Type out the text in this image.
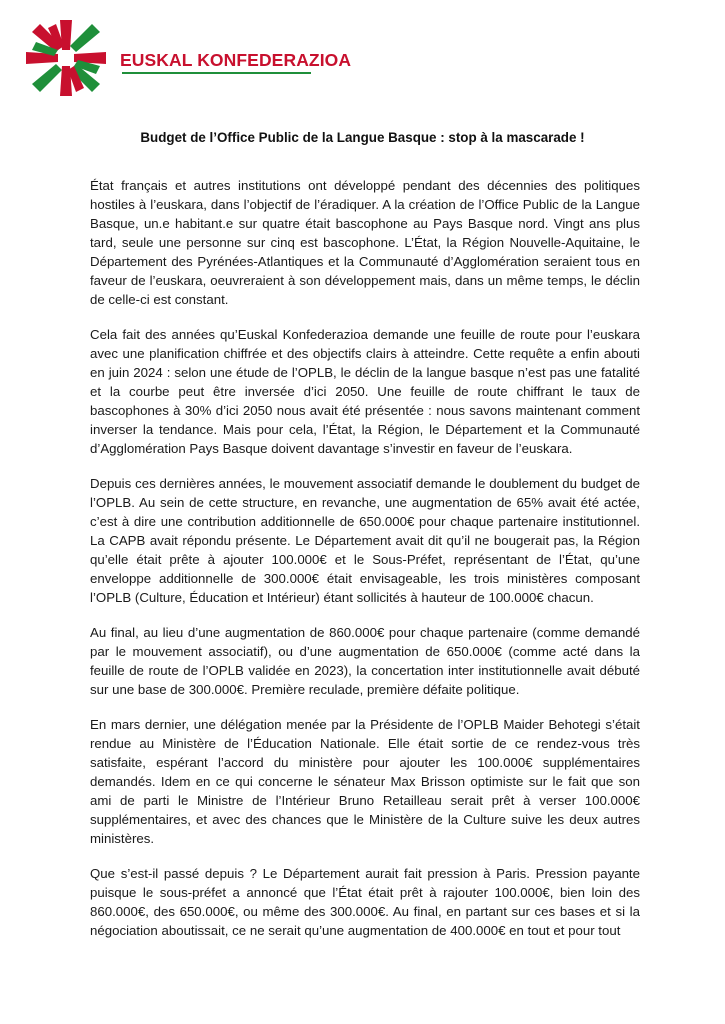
EUSKAL KONFEDERAZIOA
Budget de l’Office Public de la Langue Basque : stop à la mascarade !

État français et autres institutions ont développé pendant des décennies des politiques hostiles à l’euskara, dans l’objectif de l’éradiquer. A la création de l’Office Public de la Langue Basque, un.e habitant.e sur quatre était bascophone au Pays Basque nord. Vingt ans plus tard, seule une personne sur cinq est bascophone. L’État, la Région Nouvelle-Aquitaine, le Département des Pyrénées-Atlantiques et la Communauté d’Agglomération seraient tous en faveur de l’euskara, oeuvreraient à son développement mais, dans un même temps, le déclin de celle-ci est constant.

Cela fait des années qu’Euskal Konfederazioa demande une feuille de route pour l’euskara avec une planification chiffrée et des objectifs clairs à atteindre. Cette requête a enfin abouti en juin 2024 : selon une étude de l’OPLB, le déclin de la langue basque n’est pas une fatalité et la courbe peut être inversée d’ici 2050. Une feuille de route chiffrant le taux de bascophones à 30% d’ici 2050 nous avait été présentée : nous savons maintenant comment inverser la tendance. Mais pour cela, l’État, la Région, le Département et la Communauté d’Agglomération Pays Basque doivent davantage s’investir en faveur de l’euskara.

Depuis ces dernières années, le mouvement associatif demande le doublement du budget de l’OPLB. Au sein de cette structure, en revanche, une augmentation de 65% avait été actée, c’est à dire une contribution additionnelle de 650.000€ pour chaque partenaire institutionnel. La CAPB avait répondu présente. Le Département avait dit qu’il ne bougerait pas, la Région qu’elle était prête à ajouter 100.000€ et le Sous-Préfet, représentant de l’État, qu’une enveloppe additionnelle de 300.000€ était envisageable, les trois ministères composant l’OPLB (Culture, Éducation et Intérieur) étant sollicités à hauteur de 100.000€ chacun.

Au final, au lieu d’une augmentation de 860.000€ pour chaque partenaire (comme demandé par le mouvement associatif), ou d’une augmentation de 650.000€ (comme acté dans la feuille de route de l’OPLB validée en 2023), la concertation inter institutionnelle avait débuté sur une base de 300.000€. Première reculade, première défaite politique.

En mars dernier, une délégation menée par la Présidente de l’OPLB Maider Behotegi s’était rendue au Ministère de l’Éducation Nationale. Elle était sortie de ce rendez-vous très satisfaite, espérant l’accord du ministère pour ajouter les 100.000€ supplémentaires demandés. Idem en ce qui concerne le sénateur Max Brisson optimiste sur le fait que son ami de parti le Ministre de l’Intérieur Bruno Retailleau serait prêt à verser 100.000€ supplémentaires, et avec des chances que le Ministère de la Culture suive les deux autres ministères.

Que s’est-il passé depuis ? Le Département aurait fait pression à Paris. Pression payante puisque le sous-préfet a annoncé que l’État était prêt à rajouter 100.000€, bien loin des 860.000€, des 650.000€, ou même des 300.000€. Au final, en partant sur ces bases et si la négociation aboutissait, ce ne serait qu’une augmentation de 400.000€ en tout et pour tout
